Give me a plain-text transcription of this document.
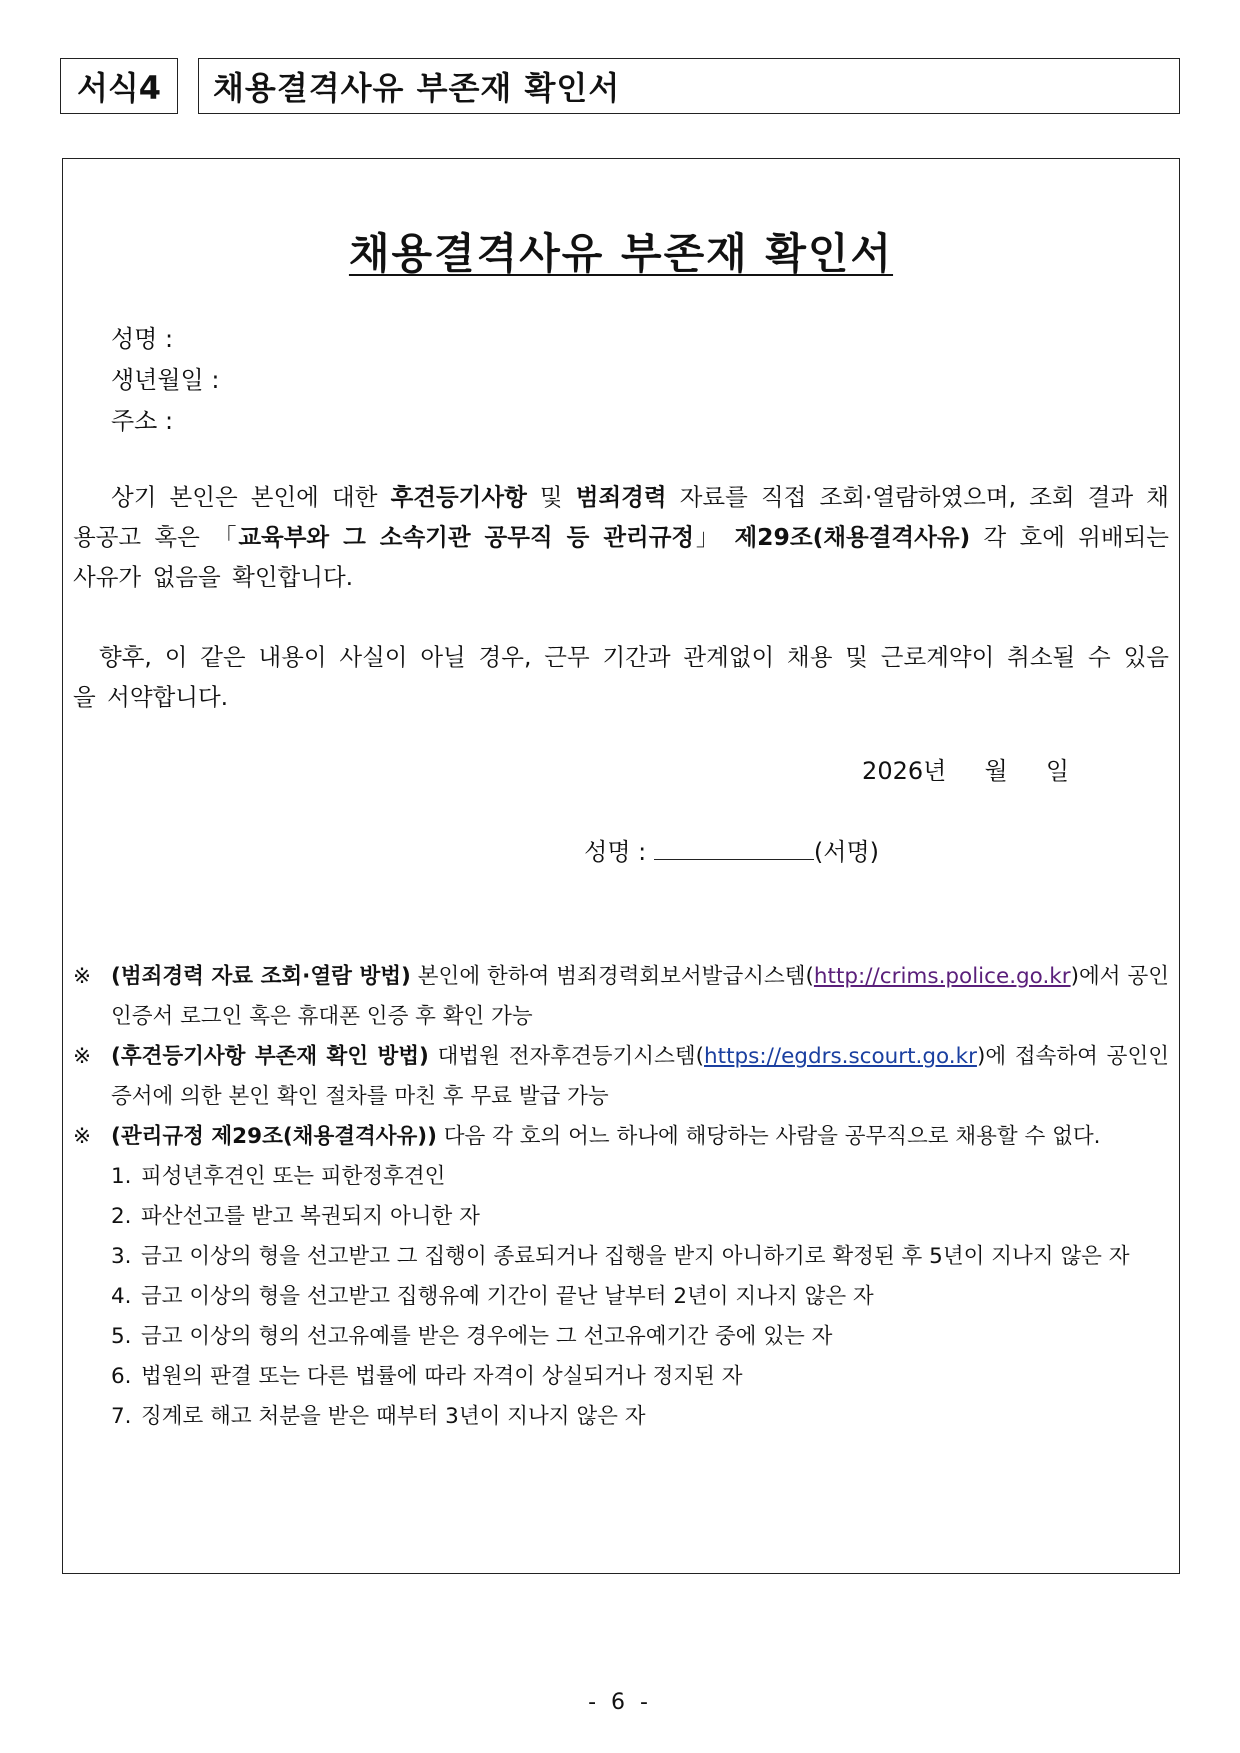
서식4	채용결격사유 부존재 확인서
채용결격사유 부존재 확인서
성명 :
생년월일 :
주소 :
상기 본인은 본인에 대한 후견등기사항 및 범죄경력 자료를 직접 조회·열람하였으며, 조회 결과 채용공고 혹은 「교육부와 그 소속기관 공무직 등 관리규정」 제29조(채용결격사유) 각 호에 위배되는 사유가 없음을 확인합니다.
향후, 이 같은 내용이 사실이 아닐 경우, 근무 기간과 관계없이 채용 및 근로계약이 취소될 수 있음을 서약합니다.
2026년 월 일
성명 :	(서명)
※ (범죄경력 자료 조회·열람 방법) 본인에 한하여 범죄경력회보서발급시스템(http://crims.police.go.kr)에서 공인인증서 로그인 혹은 휴대폰 인증 후 확인 가능
※ (후견등기사항 부존재 확인 방법) 대법원 전자후견등기시스템(https://egdrs.scourt.go.kr)에 접속하여 공인인증서에 의한 본인 확인 절차를 마친 후 무료 발급 가능
※ (관리규정 제29조(채용결격사유)) 다음 각 호의 어느 하나에 해당하는 사람을 공무직으로 채용할 수 없다.
1. 피성년후견인 또는 피한정후견인
2. 파산선고를 받고 복권되지 아니한 자
3. 금고 이상의 형을 선고받고 그 집행이 종료되거나 집행을 받지 아니하기로 확정된 후 5년이 지나지 않은 자
4. 금고 이상의 형을 선고받고 집행유예 기간이 끝난 날부터 2년이 지나지 않은 자
5. 금고 이상의 형의 선고유예를 받은 경우에는 그 선고유예기간 중에 있는 자
6. 법원의 판결 또는 다른 법률에 따라 자격이 상실되거나 정지된 자
7. 징계로 해고 처분을 받은 때부터 3년이 지나지 않은 자
- 6 -
